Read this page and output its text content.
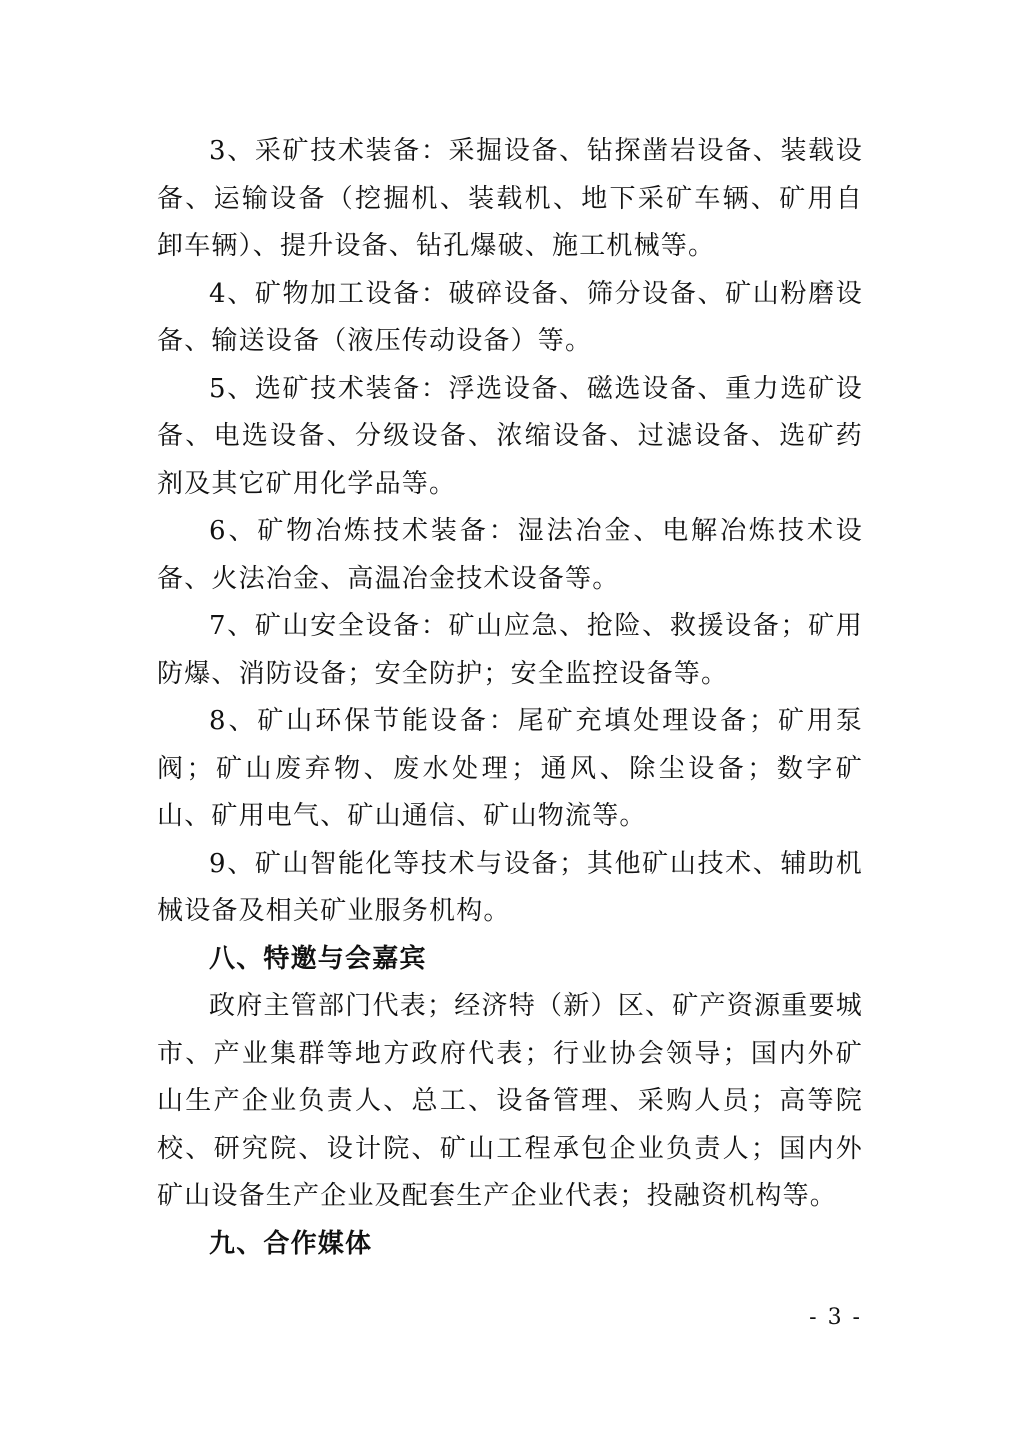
3、采矿技术装备：采掘设备、钻探凿岩设备、装载设备、运输设备（挖掘机、装载机、地下采矿车辆、矿用自卸车辆）、提升设备、钻孔爆破、施工机械等。

4、矿物加工设备：破碎设备、筛分设备、矿山粉磨设备、输送设备（液压传动设备）等。

5、选矿技术装备：浮选设备、磁选设备、重力选矿设备、电选设备、分级设备、浓缩设备、过滤设备、选矿药剂及其它矿用化学品等。

6、矿物冶炼技术装备：湿法冶金、电解冶炼技术设备、火法冶金、高温冶金技术设备等。

7、矿山安全设备：矿山应急、抢险、救援设备；矿用防爆、消防设备；安全防护；安全监控设备等。

8、矿山环保节能设备：尾矿充填处理设备；矿用泵阀；矿山废弃物、废水处理；通风、除尘设备；数字矿山、矿用电气、矿山通信、矿山物流等。

9、矿山智能化等技术与设备；其他矿山技术、辅助机械设备及相关矿业服务机构。

八、特邀与会嘉宾

政府主管部门代表；经济特（新）区、矿产资源重要城市、产业集群等地方政府代表；行业协会领导；国内外矿山生产企业负责人、总工、设备管理、采购人员；高等院校、研究院、设计院、矿山工程承包企业负责人；国内外矿山设备生产企业及配套生产企业代表；投融资机构等。

九、合作媒体

- 3 -
